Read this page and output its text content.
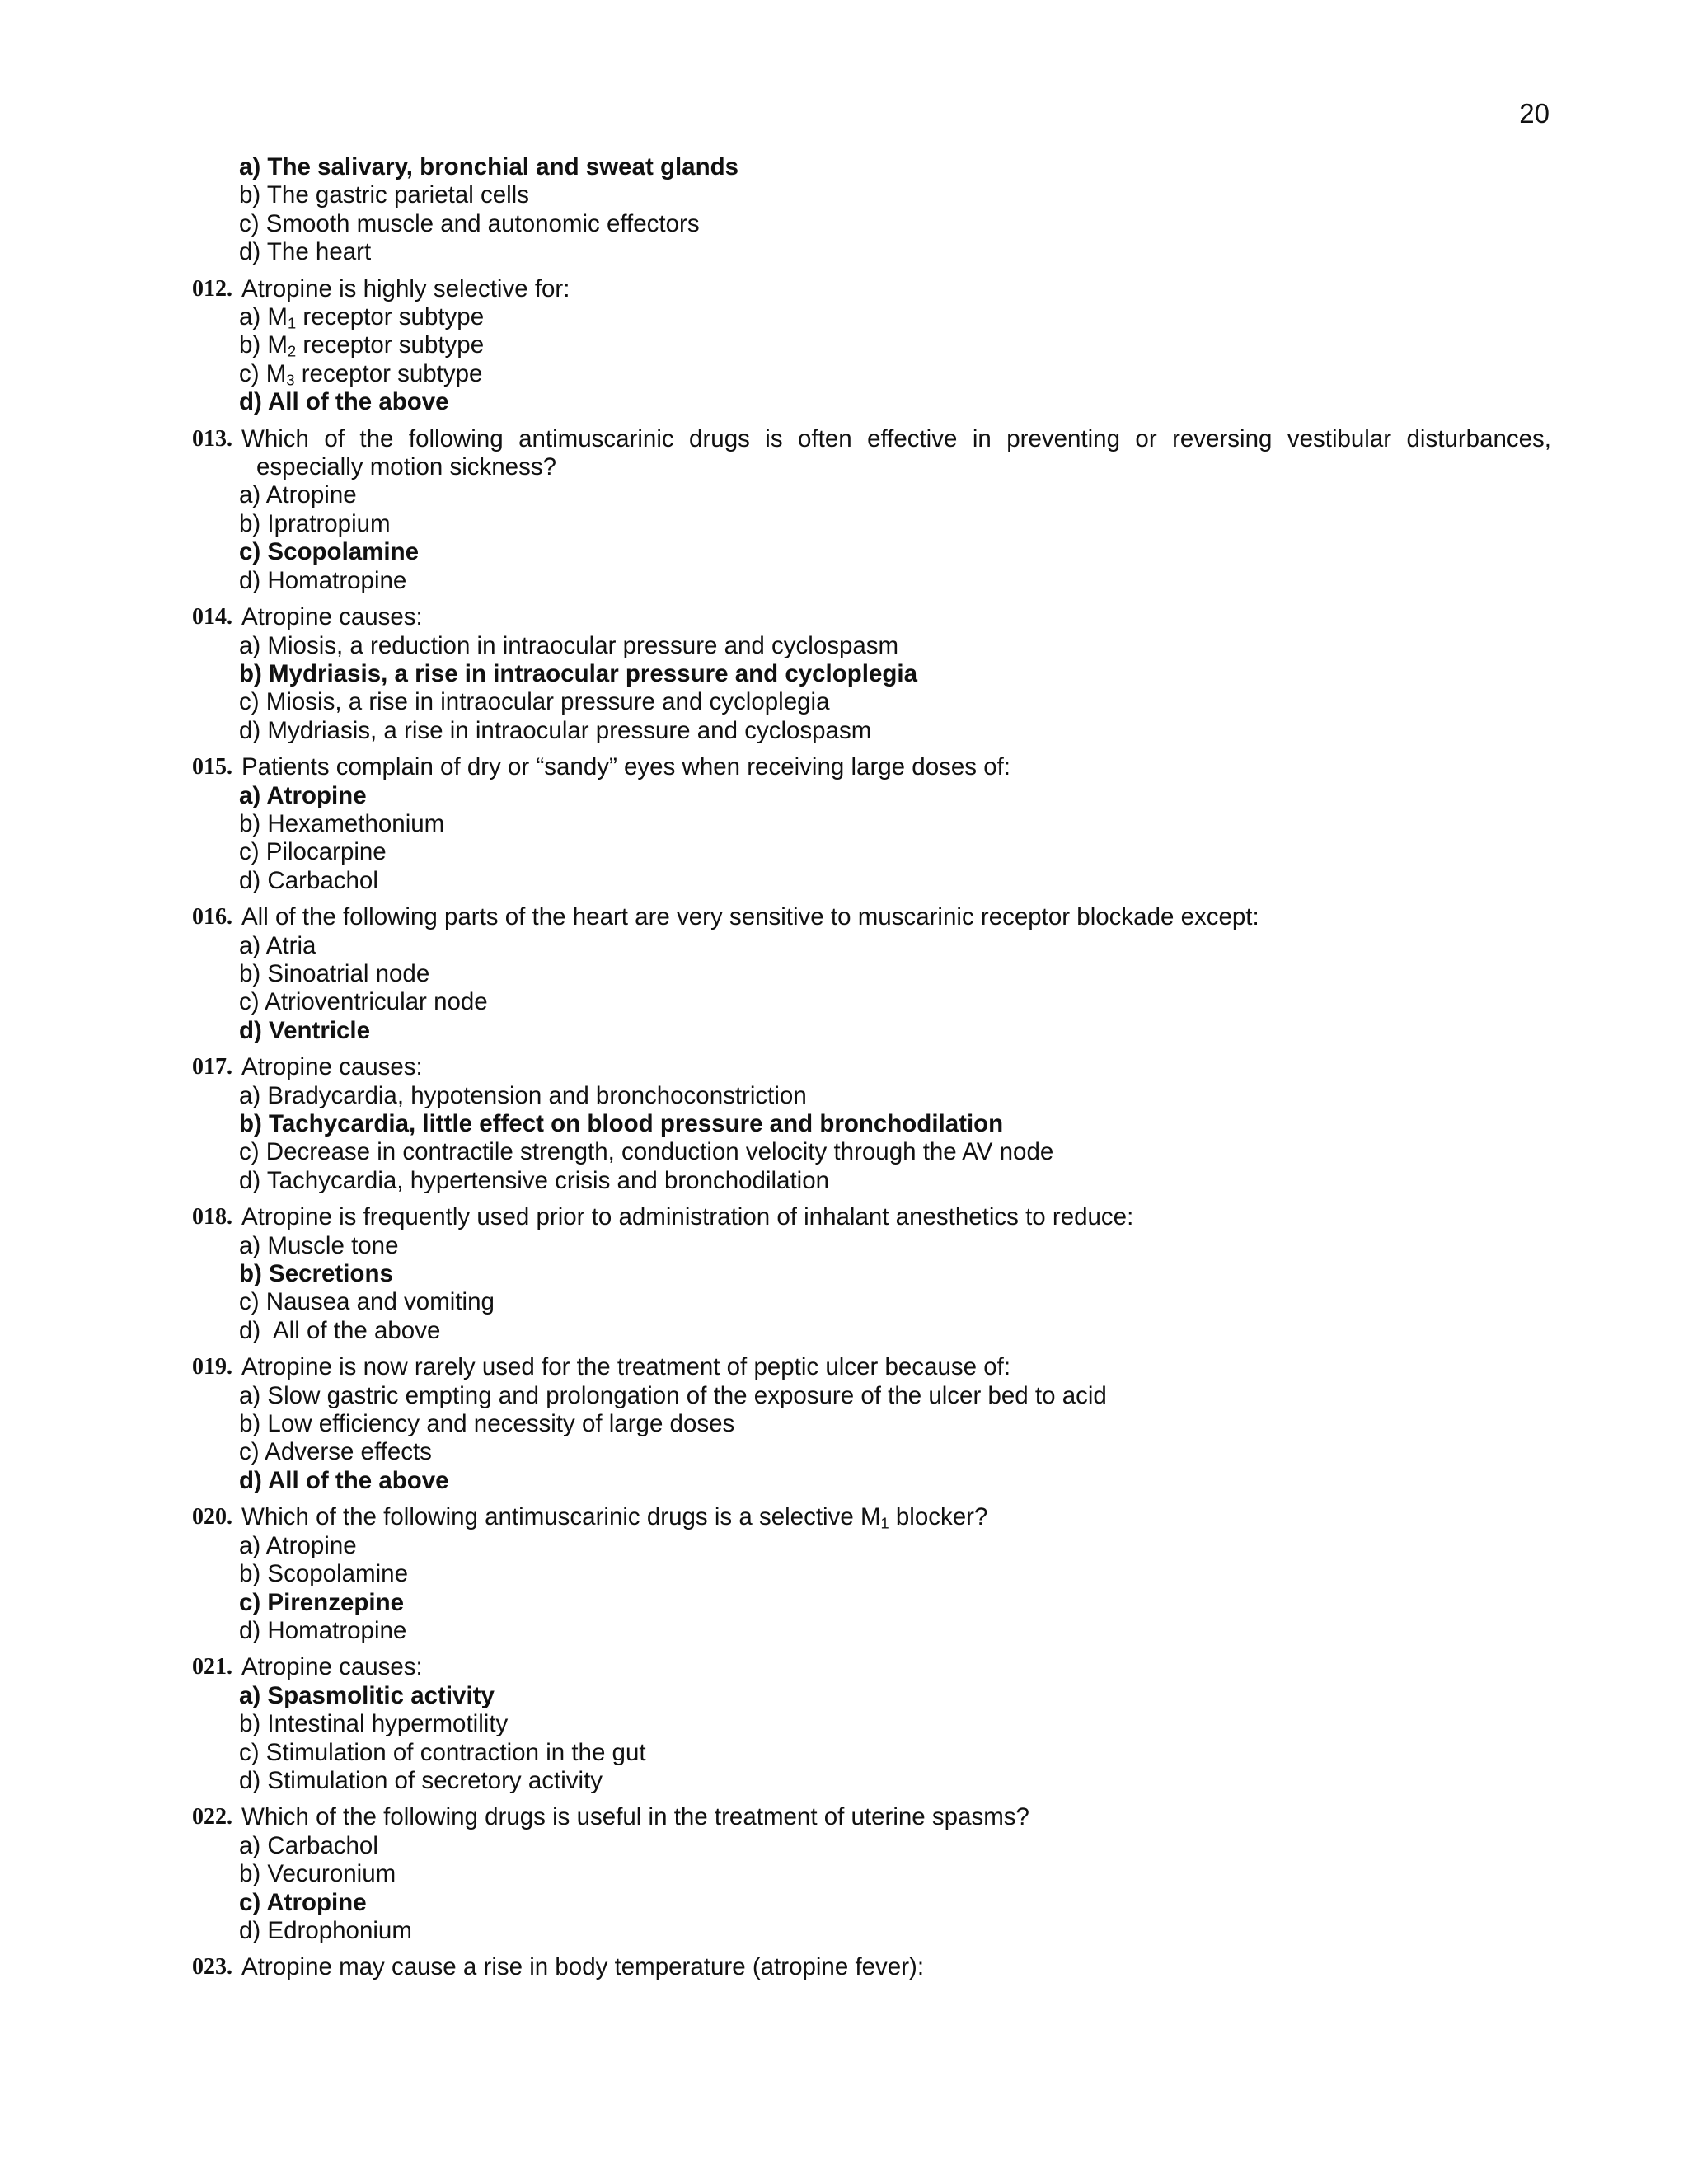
20
a) The salivary, bronchial and sweat glands
b) The gastric parietal cells
c) Smooth muscle and autonomic effectors
d) The heart
012. Atropine is highly selective for:
a) $M_1$ receptor subtype
b) $M_2$ receptor subtype
c) $M_3$ receptor subtype
d) All of the above
013. Which of the following antimuscarinic drugs is often effective in preventing or reversing vestibular disturbances,
especially motion sickness?
a) Atropine
b) Ipratropium
c) Scopolamine
d) Homatropine
014. Atropine causes:
a) Miosis, a reduction in intraocular pressure and cyclospasm
b) Mydriasis, a rise in intraocular pressure and cycloplegia
c) Miosis, a rise in intraocular pressure and cycloplegia
d) Mydriasis, a rise in intraocular pressure and cyclospasm
015. Patients complain of dry or “sandy” eyes when receiving large doses of:
a) Atropine
b) Hexamethonium
c) Pilocarpine
d) Carbachol
016. All of the following parts of the heart are very sensitive to muscarinic receptor blockade except:
a) Atria
b) Sinoatrial node
c) Atrioventricular node
d) Ventricle
017. Atropine causes:
a) Bradycardia, hypotension and bronchoconstriction
b) Tachycardia, little effect on blood pressure and bronchodilation
c) Decrease in contractile strength, conduction velocity through the AV node
d) Tachycardia, hypertensive crisis and bronchodilation
018. Atropine is frequently used prior to administration of inhalant anesthetics to reduce:
a) Muscle tone
b) Secretions
c) Nausea and vomiting
d)  All of the above
019. Atropine is now rarely used for the treatment of peptic ulcer because of:
a) Slow gastric empting and prolongation of the exposure of the ulcer bed to acid
b) Low efficiency and necessity of large doses
c) Adverse effects
d) All of the above
020. Which of the following antimuscarinic drugs is a selective $M_1$ blocker?
a) Atropine
b) Scopolamine
c) Pirenzepine
d) Homatropine
021. Atropine causes:
a) Spasmolitic activity
b) Intestinal hypermotility
c) Stimulation of contraction in the gut
d) Stimulation of secretory activity
022. Which of the following drugs is useful in the treatment of uterine spasms?
a) Carbachol
b) Vecuronium
c) Atropine
d) Edrophonium
023. Atropine may cause a rise in body temperature (atropine fever):
